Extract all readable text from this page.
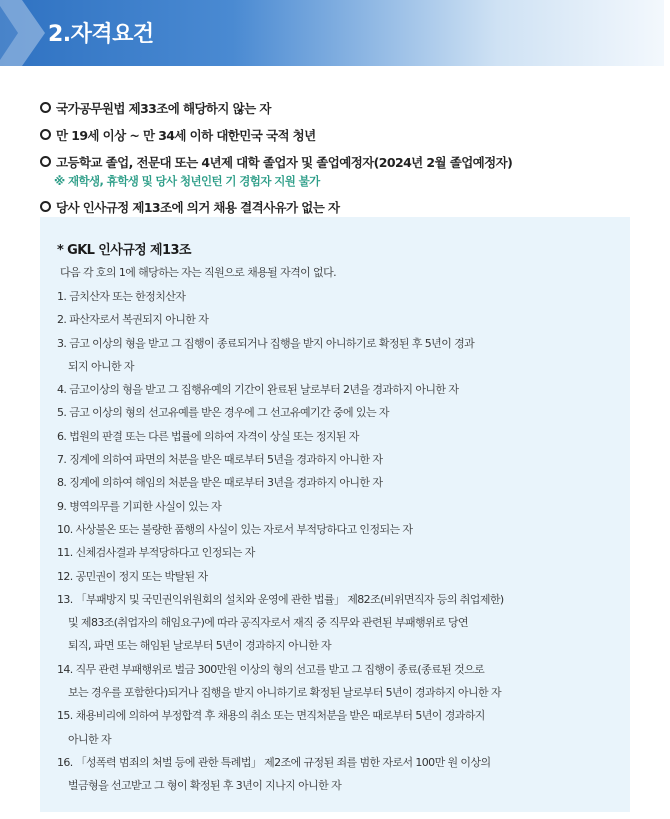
2.자격요건
국가공무원법 제33조에 해당하지 않는 자
만 19세 이상 ~ 만 34세 이하 대한민국 국적 청년
고등학교 졸업, 전문대 또는 4년제 대학 졸업자 및 졸업예정자(2024년 2월 졸업예정자)
※ 재학생, 휴학생 및 당사 청년인턴 기 경험자 지원 불가
당사 인사규정 제13조에 의거 채용 결격사유가 없는 자
* GKL 인사규정 제13조
다음 각 호의 1에 해당하는 자는 직원으로 채용될 자격이 없다.
1. 금치산자 또는 한정치산자
2. 파산자로서 복권되지 아니한 자
3. 금고 이상의 형을 받고 그 집행이 종료되거나 집행을 받지 아니하기로 확정된 후 5년이 경과
되지 아니한 자
4. 금고이상의 형을 받고 그 집행유예의 기간이 완료된 날로부터 2년을 경과하지 아니한 자
5. 금고 이상의 형의 선고유예를 받은 경우에 그 선고유예기간 중에 있는 자
6. 법원의 판결 또는 다른 법률에 의하여 자격이 상실 또는 정지된 자
7. 징계에 의하여 파면의 처분을 받은 때로부터 5년을 경과하지 아니한 자
8. 징계에 의하여 해임의 처분을 받은 때로부터 3년을 경과하지 아니한 자
9. 병역의무를 기피한 사실이 있는 자
10. 사상불온 또는 불량한 품행의 사실이 있는 자로서 부적당하다고 인정되는 자
11. 신체검사결과 부적당하다고 인정되는 자
12. 공민권이 정지 또는 박탈된 자
13. 「부패방지 및 국민권익위원회의 설치와 운영에 관한 법률」 제82조(비위면직자 등의 취업제한)
및 제83조(취업자의 해임요구)에 따라 공직자로서 재직 중 직무와 관련된 부패행위로 당연
퇴직, 파면 또는 해임된 날로부터 5년이 경과하지 아니한 자
14. 직무 관련 부패행위로 벌금 300만원 이상의 형의 선고를 받고 그 집행이 종료(종료된 것으로
보는 경우를 포함한다)되거나 집행을 받지 아니하기로 확정된 날로부터 5년이 경과하지 아니한 자
15. 채용비리에 의하여 부정합격 후 채용의 취소 또는 면직처분을 받은 때로부터 5년이 경과하지
아니한 자
16. 「성폭력 범죄의 처벌 등에 관한 특례법」 제2조에 규정된 죄를 범한 자로서 100만 원 이상의
벌금형을 선고받고 그 형이 확정된 후 3년이 지나지 아니한 자
